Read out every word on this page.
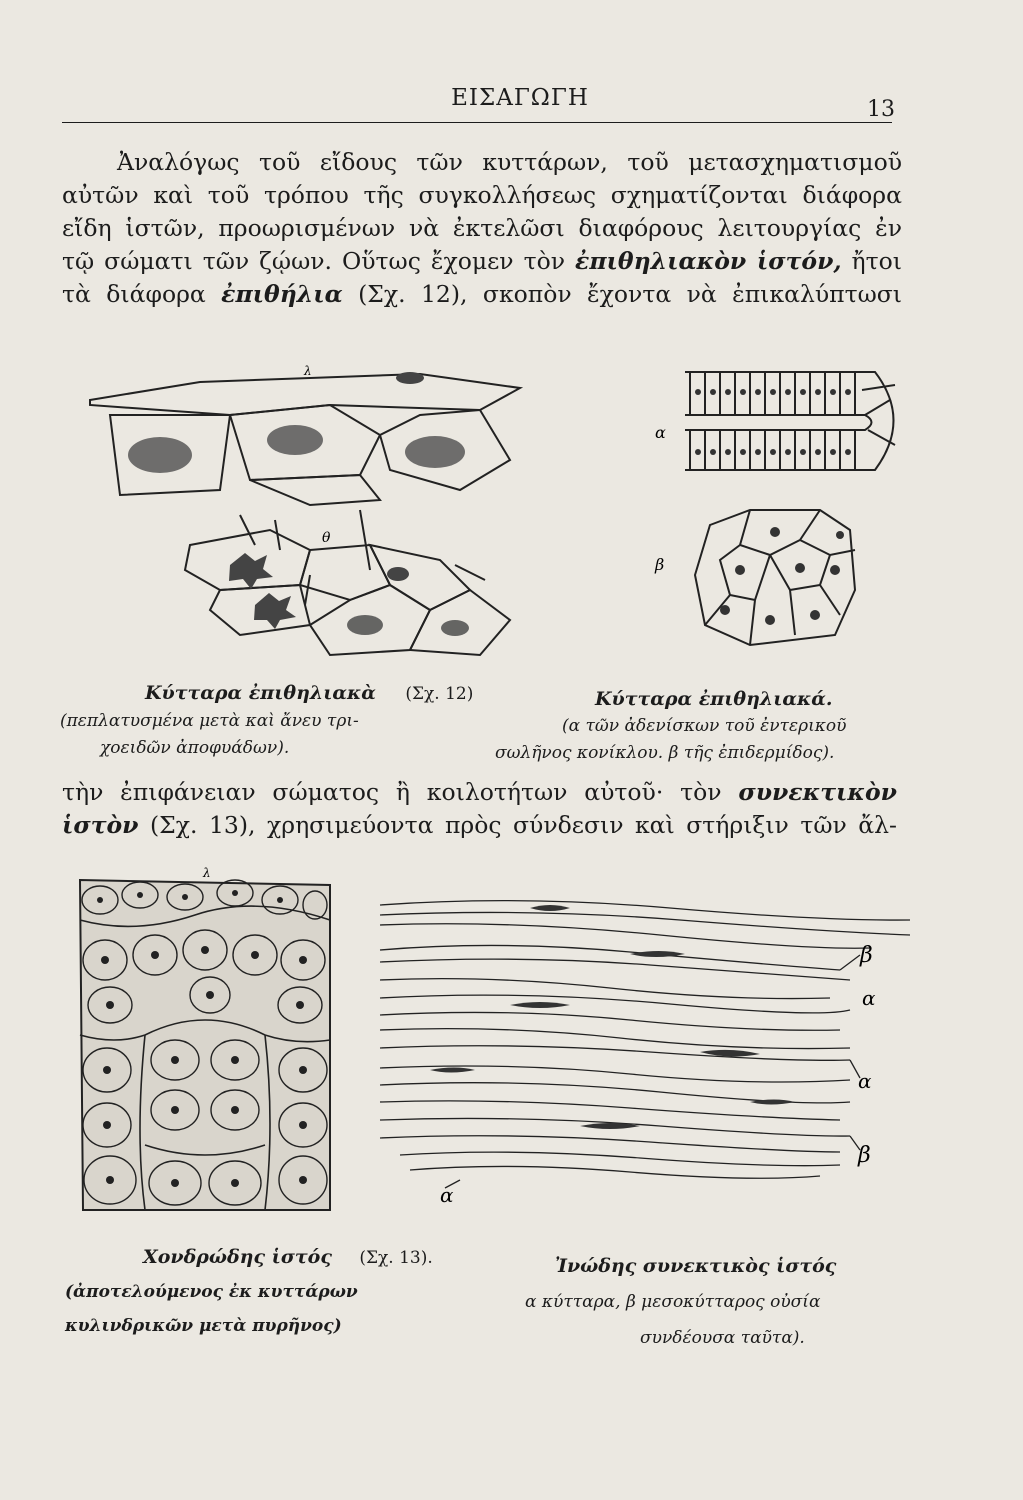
ΕΙΣΑΓΩΓΗ	13

Ἀναλόγως τοῦ εἴδους τῶν κυττάρων, τοῦ μετασχηματισμοῦ
αὐτῶν καὶ τοῦ τρόπου τῆς συγκολλήσεως σχηματίζονται διάφορα
εἴδη ἱστῶν, προωρισμένων νὰ ἐκτελῶσι διαφόρους λειτουργίας ἐν
τῷ σώματι τῶν ζῴων. Οὕτως ἔχομεν τὸν ἐπιθηλιακὸν ἱστόν, ἤτοι
τὰ διάφορα ἐπιθήλια (Σχ. 12), σκοπὸν ἔχοντα νὰ ἐπικαλύπτωσι

λ
θ
α
β
Κύτταρα ἐπιθηλιακὰ (Σχ. 12)
(πεπλατυσμένα μετὰ καὶ ἄνευ τρι-
χοειδῶν ἀποφυάδων).
Κύτταρα ἐπιθηλιακά.
(α τῶν ἀδενίσκων τοῦ ἐντερικοῦ
σωλῆνος κονίκλου. β τῆς ἐπιδερμίδος).

τὴν ἐπιφάνειαν σώματος ἢ κοιλοτήτων αὐτοῦ· τὸν συνεκτικὸν
ἱστὸν (Σχ. 13), χρησιμεύοντα πρὸς σύνδεσιν καὶ στήριξιν τῶν ἄλ-

λ
β
α
α
β
α
Χονδρώδης ἱστός (Σχ. 13).
(ἀποτελούμενος ἐκ κυττάρων
κυλινδρικῶν μετὰ πυρῆνος)
Ἰνώδης συνεκτικὸς ἱστός
α κύτταρα, β μεσοκύτταρος οὐσία
συνδέουσα ταῦτα).
